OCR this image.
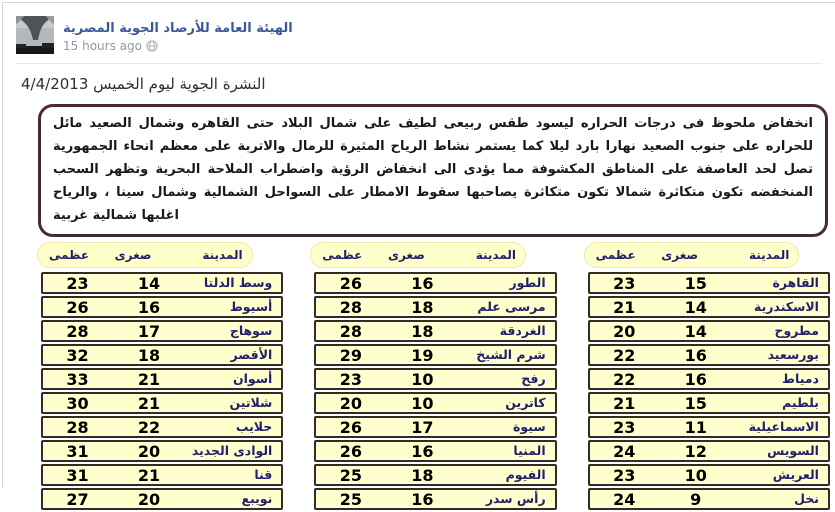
الهيئة العامة للأرصاد الجوية المصرية
15 hours ago

النشرة الجوية ليوم الخميس 4/4/2013

انخفاض ملحوظ فى درجات الحراره ليسود طقس ربيعى لطيف على شمال البلاد حتى القاهره وشمال الصعيد مائل للحراره على جنوب الصعيد نهارا بارد ليلا كما يستمر نشاط الرياح المثيرة للرمال والاتربة على معظم انحاء الجمهورية تصل لحد العاصفة على المناطق المكشوفة مما يؤدى الى انخفاض الرؤية واضطراب الملاحة البحرية وتظهر السحب المنخفضه تكون متكاثرة شمالا تكون متكاثرة يصاحبها سقوط الامطار على السواحل الشمالية وشمال سينا ، والرياح اغلبها شمالية غربية
عظمى	صغرى	المدينة
23	14	وسط الدلتا
26	16	أسيوط
28	17	سوهاج
32	18	الأقصر
33	21	أسوان
30	21	شلاتين
28	22	حلايب
31	20	الوادى الجديد
31	21	قنا
27	20	نويبع
عظمى	صغرى	المدينة
26	16	الطور
28	18	مرسى علم
28	18	الغردقة
29	19	شرم الشيخ
23	10	رفح
20	10	كاترين
26	17	سيوة
26	16	المنيا
25	18	الفيوم
25	16	رأس سدر
عظمى	صغرى	المدينة
23	15	القاهرة
21	14	الاسكندرية
20	14	مطروح
22	16	بورسعيد
22	16	دمياط
21	15	بلطيم
23	11	الاسماعيلية
24	12	السويس
23	10	العريش
24	9	نخل
